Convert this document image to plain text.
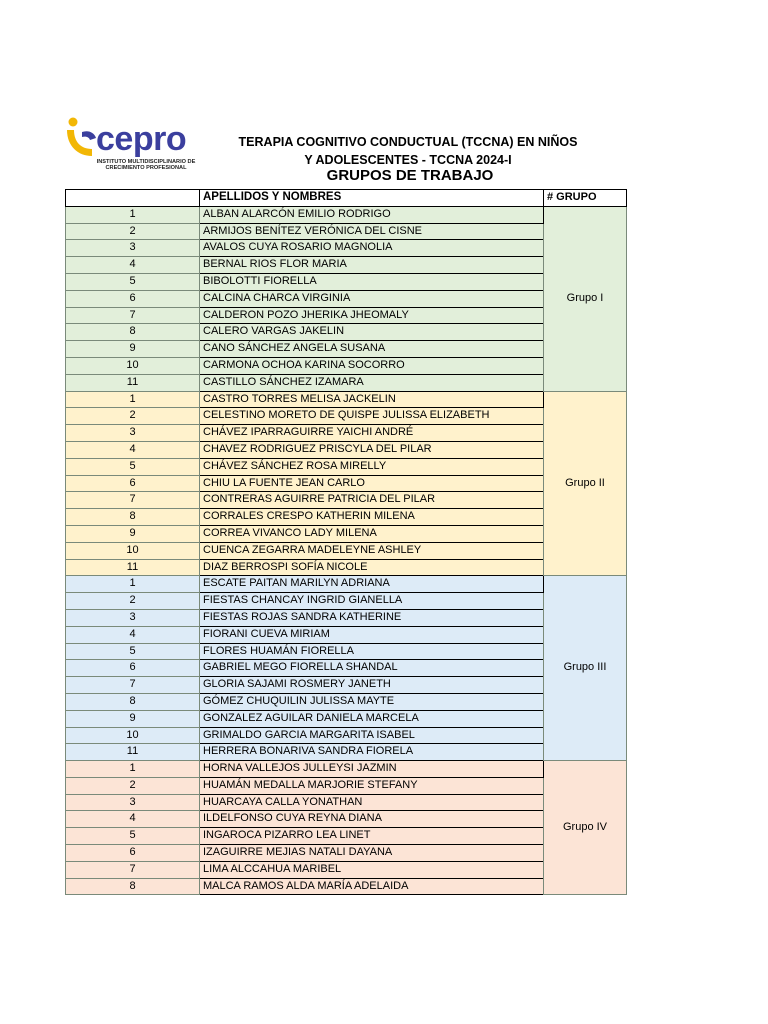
cepro
INSTITUTO MULTIDISCIPLINARIO DE CRECIMIENTO PROFESIONAL
TERAPIA COGNITIVO CONDUCTUAL (TCCNA) EN NIÑOS
Y ADOLESCENTES - TCCNA 2024-I
GRUPOS DE TRABAJO
	APELLIDOS Y NOMBRES	# GRUPO
1	ALBAN ALARCÓN EMILIO RODRIGO	Grupo I
2	ARMIJOS BENÍTEZ VERÓNICA DEL CISNE	
3	AVALOS CUYA ROSARIO MAGNOLIA	
4	BERNAL RIOS FLOR MARIA	
5	BIBOLOTTI FIORELLA	
6	CALCINA CHARCA VIRGINIA	
7	CALDERON POZO JHERIKA JHEOMALY	
8	CALERO VARGAS JAKELIN	
9	CANO SÁNCHEZ ANGELA SUSANA	
10	CARMONA OCHOA KARINA SOCORRO	
11	CASTILLO SÁNCHEZ IZAMARA	
1	CASTRO TORRES MELISA JACKELIN	Grupo II
2	CELESTINO MORETO DE QUISPE JULISSA ELIZABETH	
3	CHÁVEZ IPARRAGUIRRE YAICHI ANDRÉ	
4	CHAVEZ RODRIGUEZ PRISCYLA DEL PILAR	
5	CHÁVEZ SÁNCHEZ ROSA MIRELLY	
6	CHIU LA FUENTE JEAN CARLO	
7	CONTRERAS AGUIRRE PATRICIA DEL PILAR	
8	CORRALES CRESPO KATHERIN MILENA	
9	CORREA VIVANCO LADY MILENA	
10	CUENCA ZEGARRA MADELEYNE ASHLEY	
11	DIAZ BERROSPI SOFÍA NICOLE	
1	ESCATE PAITAN MARILYN ADRIANA	Grupo III
2	FIESTAS CHANCAY INGRID GIANELLA	
3	FIESTAS ROJAS SANDRA KATHERINE	
4	FIORANI CUEVA MIRIAM	
5	FLORES HUAMÁN FIORELLA	
6	GABRIEL MEGO FIORELLA SHANDAL	
7	GLORIA SAJAMI ROSMERY JANETH	
8	GÓMEZ CHUQUILIN JULISSA MAYTE	
9	GONZALEZ AGUILAR DANIELA MARCELA	
10	GRIMALDO GARCIA MARGARITA ISABEL	
11	HERRERA BONARIVA SANDRA FIORELA	
1	HORNA VALLEJOS JULLEYSI JAZMIN	Grupo IV
2	HUAMÁN MEDALLA MARJORIE STEFANY	
3	HUARCAYA CALLA YONATHAN	
4	ILDELFONSO CUYA REYNA DIANA	
5	INGAROCA PIZARRO LEA LINET	
6	IZAGUIRRE MEJIAS NATALI DAYANA	
7	LIMA ALCCAHUA MARIBEL	
8	MALCA RAMOS ALDA MARÍA ADELAIDA	
